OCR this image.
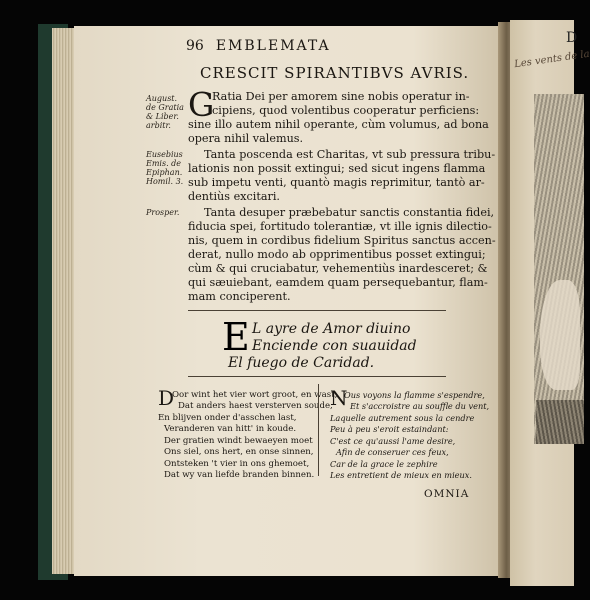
D
Les vents de la
96 EMBLEMATA
CRESCIT SPIRANTIBVS AVRIS.
August.
de Gratia
& Liber.
arbitr.
Eusebius
Emis. de
Epiphan.
Homil. 3.
Prosper.
G
Ratia Dei per amorem sine nobis operatur in-
cipiens, quod volentibus cooperatur perficiens:
sine illo autem nihil operante, cùm volumus, ad bona
opera nihil valemus.
Tanta poscenda est Charitas, vt sub pressura tribu-
lationis non possit extingui; sed sicut ingens flamma
sub impetu venti, quantò magis reprimitur, tantò ar-
dentiùs excitari.
Tanta desuper præbebatur sanctis constantia fidei,
fiducia spei, fortitudo tolerantiæ, vt ille ignis dilectio-
nis, quem in cordibus fidelium Spiritus sanctus accen-
derat, nullo modo ab opprimentibus posset extingui;
cùm & qui cruciabatur, vehementiùs inardesceret; &
qui sæuiebant, eamdem quam persequebantur, flam-
mam conciperent.
E L ayre de Amor diuino
Enciende con suauidad
El fuego de Caridad.
D
Oor wint het vier wort groot, en wast,
Dat anders haest versterven soude,
En blijven onder d'asschen last,
Veranderen van hitt' in koude.
Der gratien windt bewaeyen moet
Ons siel, ons hert, en onse sinnen,
Ontsteken 't vier in ons ghemoet,
Dat wy van liefde branden binnen.
N
Ous voyons la flamme s'espendre,
Et s'accroistre au souffle du vent,
Laquelle autrement sous la cendre
Peu à peu s'eroit estaindant:
C'est ce qu'aussi l'ame desire,
Afin de conseruer ces feux,
Car de la grace le zephire
Les entretient de mieux en mieux.
OMNIA
